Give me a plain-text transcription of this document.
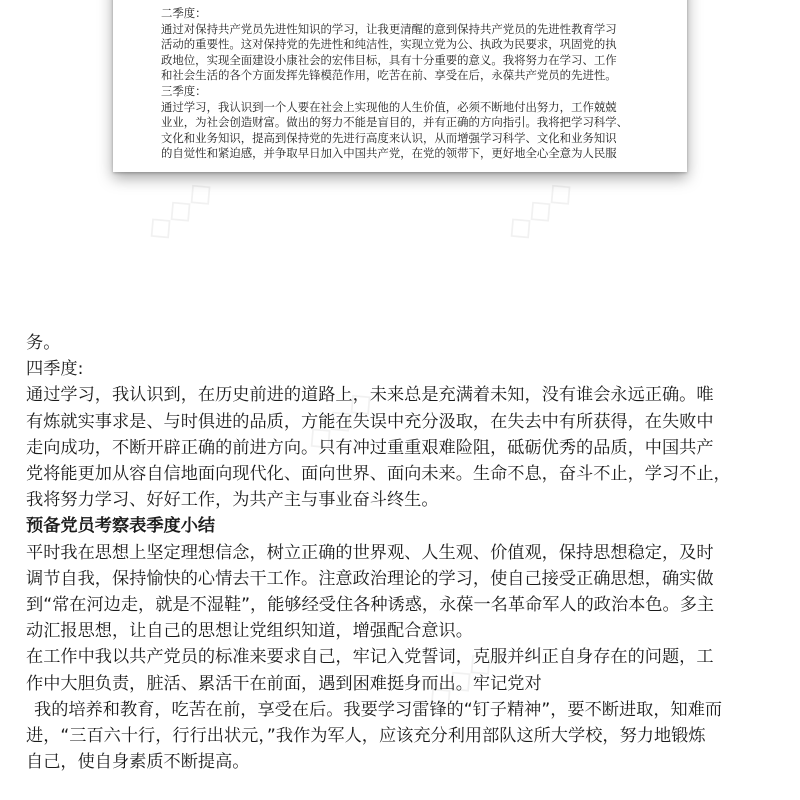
◇◇◇	◇◇◇
◇◇◇
◇◇◇

二季度：

通过对保持共产党员先进性知识的学习，让我更清醒的意到保持共产党员的先进性教育学习

活动的重要性。这对保持党的先进性和纯洁性，实现立党为公、执政为民要求，巩固党的执

政地位，实现全面建设小康社会的宏伟目标，具有十分重要的意义。我将努力在学习、工作

和社会生活的各个方面发挥先锋模范作用，吃苦在前、享受在后，永葆共产党员的先进性。

三季度：

通过学习，我认识到一个人要在社会上实现他的人生价值，必须不断地付出努力，工作兢兢

业业，为社会创造财富。做出的努力不能是盲目的，并有正确的方向指引。我将把学习科学、

文化和业务知识，提高到保持党的先进行高度来认识，从而增强学习科学、文化和业务知识

的自觉性和紧迫感，并争取早日加入中国共产党，在党的领带下，更好地全心全意为人民服

务。

四季度:

通过学习，我认识到，在历史前进的道路上，未来总是充满着未知，没有谁会永远正确。唯

有炼就实事求是、与时俱进的品质，方能在失误中充分汲取，在失去中有所获得，在失败中

走向成功，不断开辟正确的前进方向。只有冲过重重艰难险阻，砥砺优秀的品质，中国共产

党将能更加从容自信地面向现代化、面向世界、面向未来。生命不息，奋斗不止，学习不止，

我将努力学习、好好工作，为共产主与事业奋斗终生。

预备党员考察表季度小结

平时我在思想上坚定理想信念，树立正确的世界观、人生观、价值观，保持思想稳定，及时

调节自我，保持愉快的心情去干工作。注意政治理论的学习，使自己接受正确思想，确实做

到“常在河边走，就是不湿鞋”，能够经受住各种诱惑，永葆一名革命军人的政治本色。多主

动汇报思想，让自己的思想让党组织知道，增强配合意识。

在工作中我以共产党员的标准来要求自己，牢记入党誓词，克服并纠正自身存在的问题，工

作中大胆负责，脏活、累活干在前面，遇到困难挺身而出。牢记党对

我的培养和教育，吃苦在前，享受在后。我要学习雷锋的“钉子精神”，要不断进取，知难而

进，“三百六十行，行行出状元，”我作为军人，应该充分利用部队这所大学校，努力地锻炼

自己，使自身素质不断提高。
